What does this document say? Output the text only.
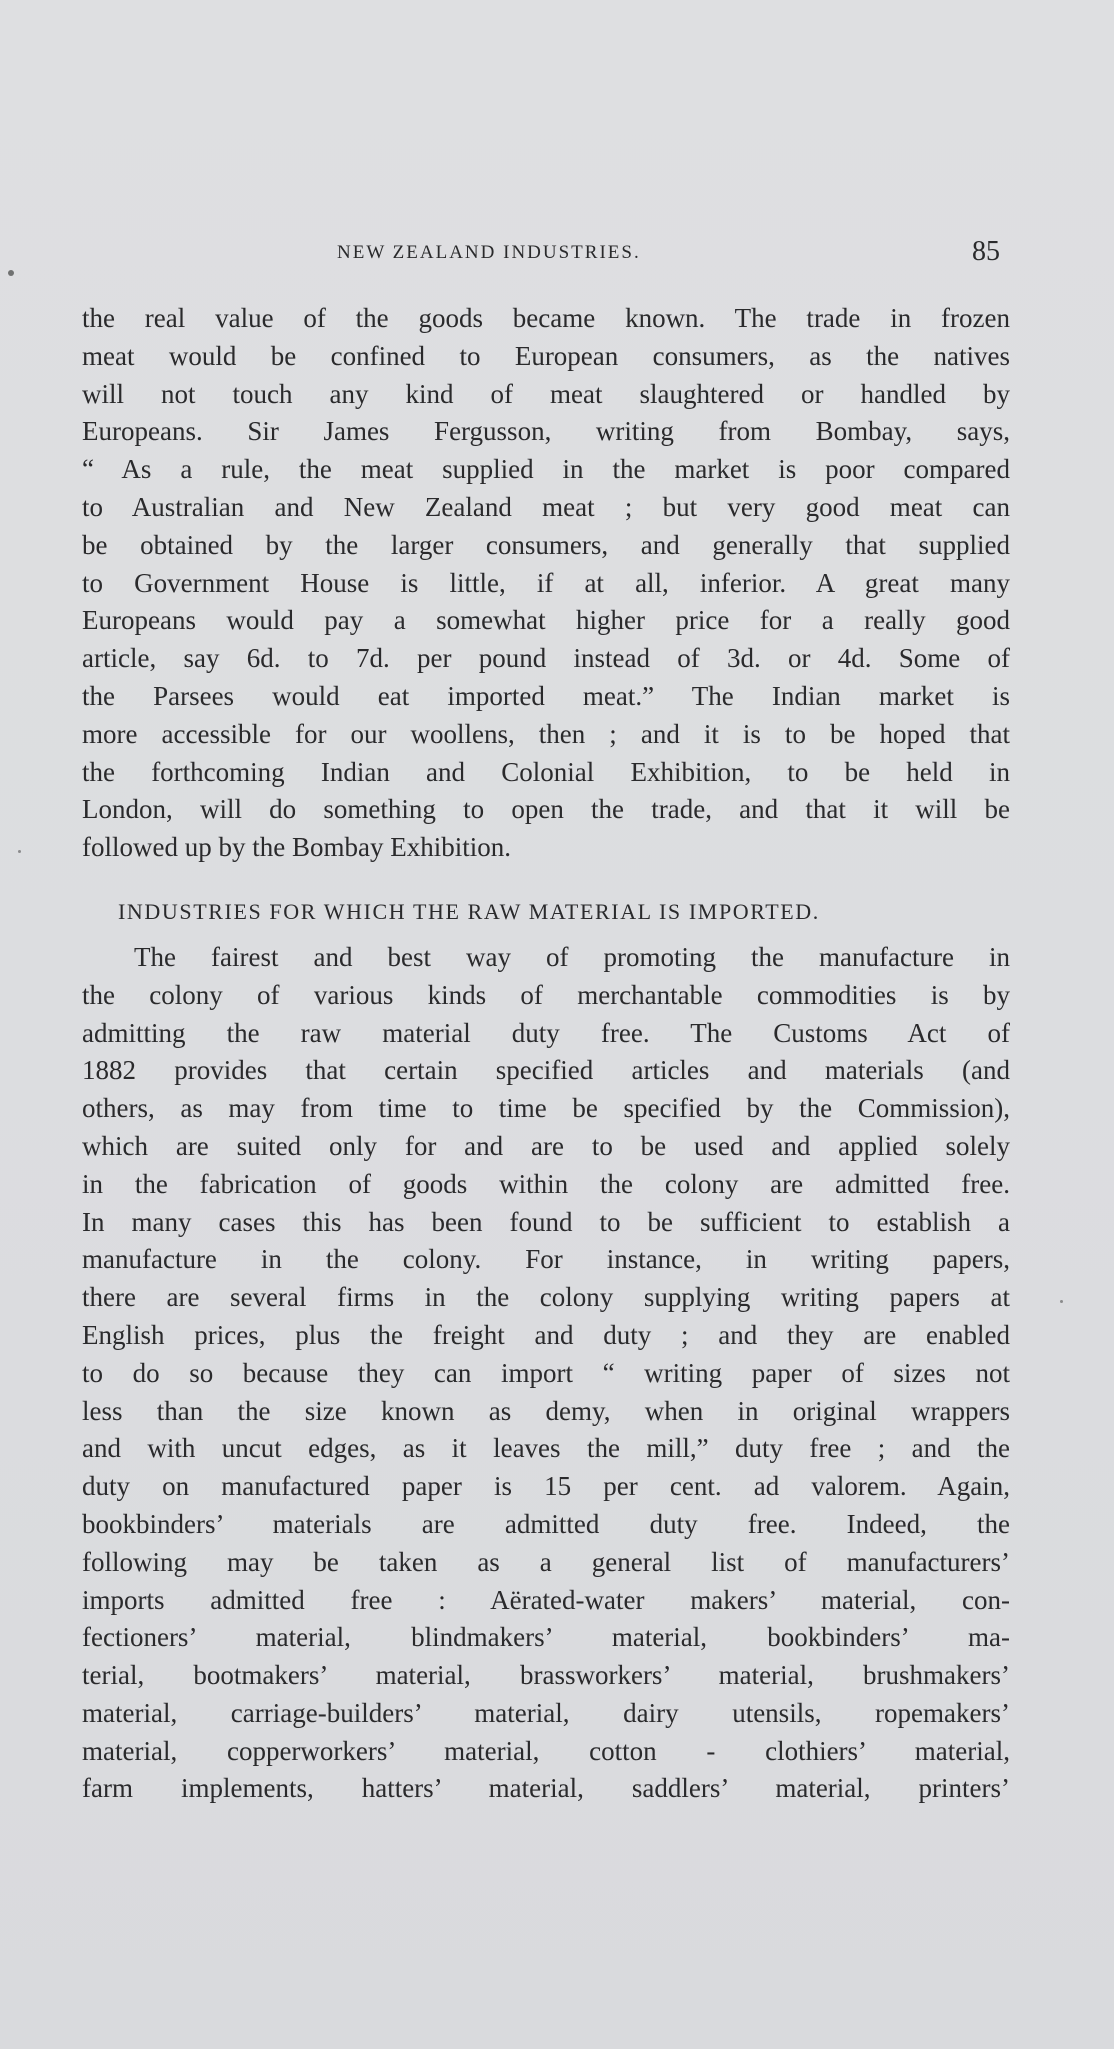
NEW ZEALAND INDUSTRIES.	85
the real value of the goods became known. The trade in frozen
meat would be confined to European consumers, as the natives
will not touch any kind of meat slaughtered or handled by
Europeans. Sir James Fergusson, writing from Bombay, says,
“ As a rule, the meat supplied in the market is poor compared
to Australian and New Zealand meat ; but very good meat can
be obtained by the larger consumers, and generally that supplied
to Government House is little, if at all, inferior. A great many
Europeans would pay a somewhat higher price for a really good
article, say 6d. to 7d. per pound instead of 3d. or 4d. Some of
the Parsees would eat imported meat.” The Indian market is
more accessible for our woollens, then ; and it is to be hoped that
the forthcoming Indian and Colonial Exhibition, to be held in
London, will do something to open the trade, and that it will be
followed up by the Bombay Exhibition.
INDUSTRIES FOR WHICH THE RAW MATERIAL IS IMPORTED.
The fairest and best way of promoting the manufacture in
the colony of various kinds of merchantable commodities is by
admitting the raw material duty free. The Customs Act of
1882 provides that certain specified articles and materials (and
others, as may from time to time be specified by the Commission),
which are suited only for and are to be used and applied solely
in the fabrication of goods within the colony are admitted free.
In many cases this has been found to be sufficient to establish a
manufacture in the colony. For instance, in writing papers,
there are several firms in the colony supplying writing papers at
English prices, plus the freight and duty ; and they are enabled
to do so because they can import “ writing paper of sizes not
less than the size known as demy, when in original wrappers
and with uncut edges, as it leaves the mill,” duty free ; and the
duty on manufactured paper is 15 per cent. ad valorem. Again,
bookbinders’ materials are admitted duty free. Indeed, the
following may be taken as a general list of manufacturers’
imports admitted free : Aërated-water makers’ material, con-
fectioners’ material, blindmakers’ material, bookbinders’ ma-
terial, bootmakers’ material, brassworkers’ material, brushmakers’
material, carriage-builders’ material, dairy utensils, ropemakers’
material, copperworkers’ material, cotton - clothiers’ material,
farm implements, hatters’ material, saddlers’ material, printers’
